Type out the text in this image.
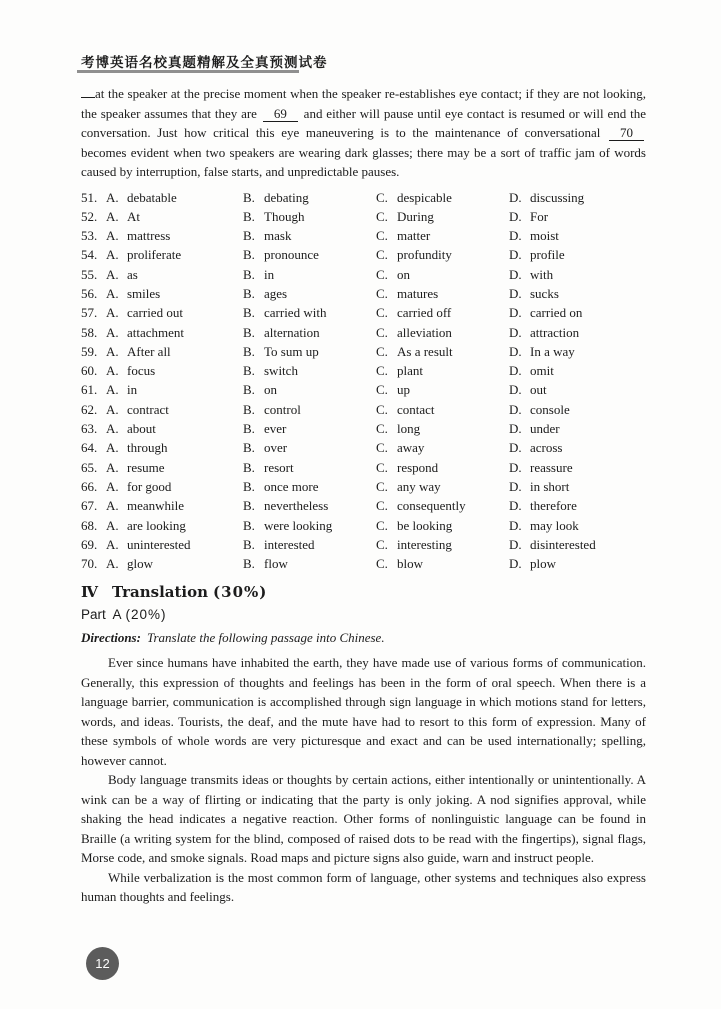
考博英语名校真题精解及全真预测试卷

at the speaker at the precise moment when the speaker re-establishes eye contact; if they are not looking, the speaker assumes that they are 69 and either will pause until eye contact is resumed or will end the conversation. Just how critical this eye maneuvering is to the maintenance of conversational 70 becomes evident when two speakers are wearing dark glasses; there may be a sort of traffic jam of words caused by interruption, false starts, and unpredictable pauses.

51. A. debatable	B. debating	C. despicable	D. discussing
52. A. At	B. Though	C. During	D. For
53. A. mattress	B. mask	C. matter	D. moist
54. A. proliferate	B. pronounce	C. profundity	D. profile
55. A. as	B. in	C. on	D. with
56. A. smiles	B. ages	C. matures	D. sucks
57. A. carried out	B. carried with	C. carried off	D. carried on
58. A. attachment	B. alternation	C. alleviation	D. attraction
59. A. After all	B. To sum up	C. As a result	D. In a way
60. A. focus	B. switch	C. plant	D. omit
61. A. in	B. on	C. up	D. out
62. A. contract	B. control	C. contact	D. console
63. A. about	B. ever	C. long	D. under
64. A. through	B. over	C. away	D. across
65. A. resume	B. resort	C. respond	D. reassure
66. A. for good	B. once more	C. any way	D. in short
67. A. meanwhile	B. nevertheless	C. consequently	D. therefore
68. A. are looking	B. were looking	C. be looking	D. may look
69. A. uninterested	B. interested	C. interesting	D. disinterested
70. A. glow	B. flow	C. blow	D. plow
Ⅳ Translation (30%)
Part  A (20%)

Directions: Translate the following passage into Chinese.

Ever since humans have inhabited the earth, they have made use of various forms of communication. Generally, this expression of thoughts and feelings has been in the form of oral speech. When there is a language barrier, communication is accomplished through sign language in which motions stand for letters, words, and ideas. Tourists, the deaf, and the mute have had to resort to this form of expression. Many of these symbols of whole words are very picturesque and exact and can be used internationally; spelling, however cannot.

Body language transmits ideas or thoughts by certain actions, either intentionally or unintentionally. A wink can be a way of flirting or indicating that the party is only joking. A nod signifies approval, while shaking the head indicates a negative reaction. Other forms of nonlinguistic language can be found in Braille (a writing system for the blind, composed of raised dots to be read with the fingertips), signal flags, Morse code, and smoke signals. Road maps and picture signs also guide, warn and instruct people.

While verbalization is the most common form of language, other systems and techniques also express human thoughts and feelings.

12
